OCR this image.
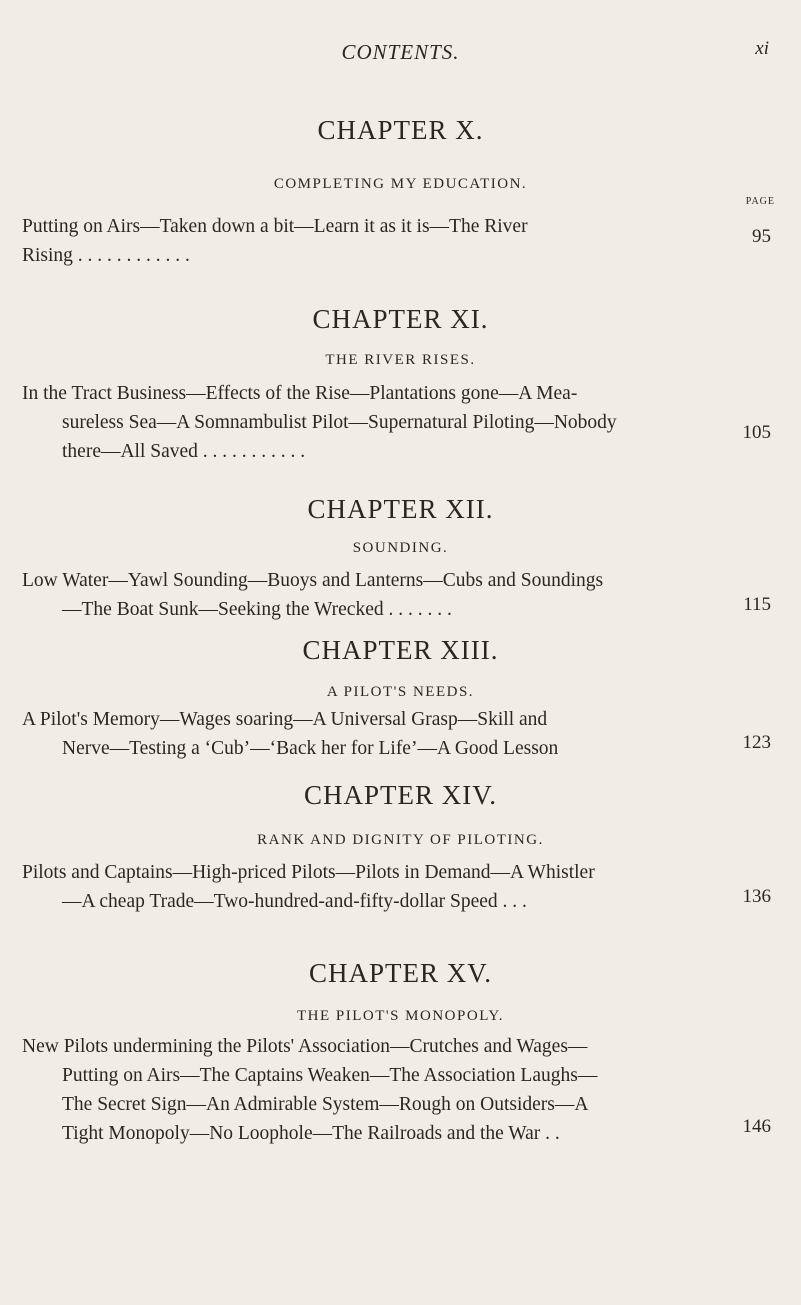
CONTENTS.	xi
CHAPTER X.
COMPLETING MY EDUCATION.
PAGE
Putting on Airs—Taken down a bit—Learn it as it is—The River
Rising . . . . . . . . . . . .
95
CHAPTER XI.
THE RIVER RISES.
In the Tract Business—Effects of the Rise—Plantations gone—A Mea-
sureless Sea—A Somnambulist Pilot—Supernatural Piloting—Nobody
there—All Saved . . . . . . . . . . .
105
CHAPTER XII.
SOUNDING.
Low Water—Yawl Sounding—Buoys and Lanterns—Cubs and Soundings
—The Boat Sunk—Seeking the Wrecked . . . . . . .	115
CHAPTER XIII.
A PILOT'S NEEDS.
A Pilot's Memory—Wages soaring—A Universal Grasp—Skill and
Nerve—Testing a ‘Cub’—‘Back her for Life’—A Good Lesson	123
CHAPTER XIV.
RANK AND DIGNITY OF PILOTING.
Pilots and Captains—High-priced Pilots—Pilots in Demand—A Whistler
—A cheap Trade—Two-hundred-and-fifty-dollar Speed . . .	136
CHAPTER XV.
THE PILOT'S MONOPOLY.
New Pilots undermining the Pilots' Association—Crutches and Wages—
Putting on Airs—The Captains Weaken—The Association Laughs—
The Secret Sign—An Admirable System—Rough on Outsiders—A
Tight Monopoly—No Loophole—The Railroads and the War . .	146
